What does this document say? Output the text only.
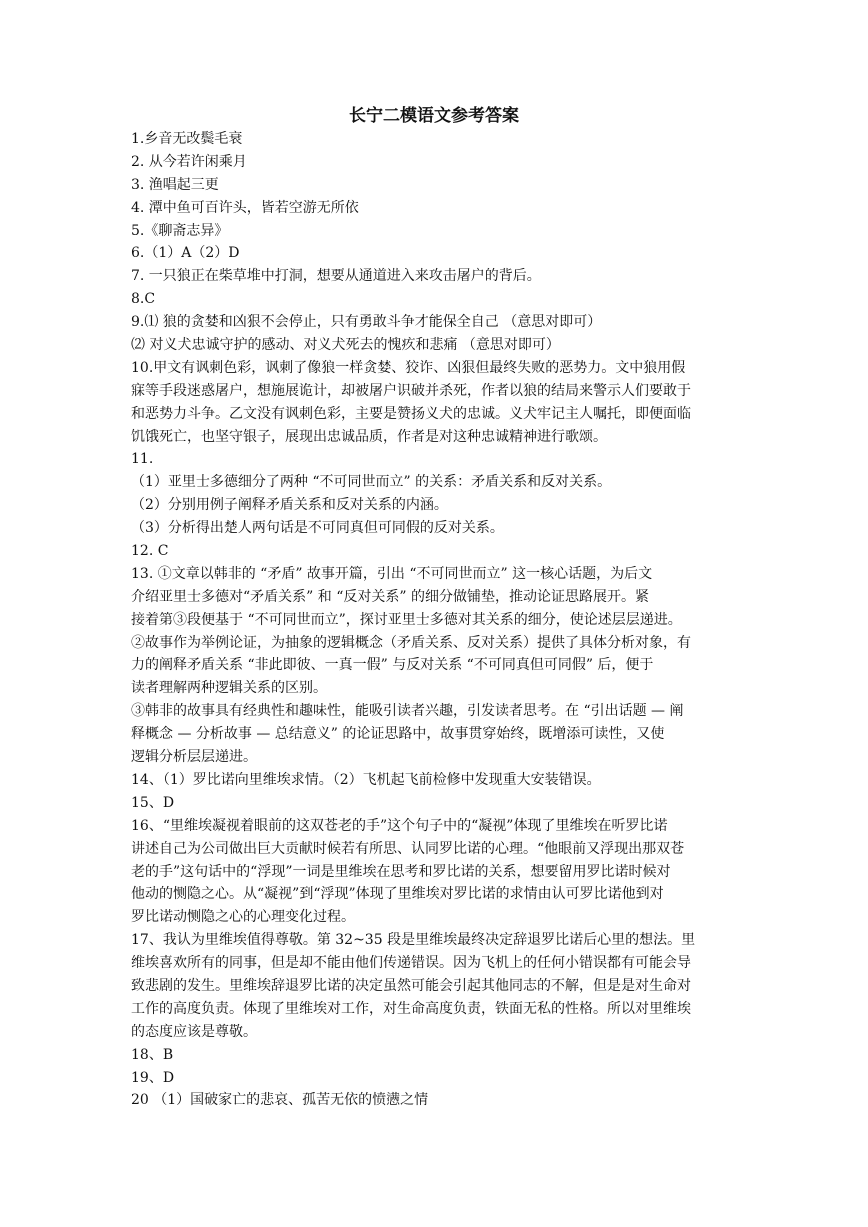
长宁二模语文参考答案
1.乡音无改鬓毛衰
2. 从今若许闲乘月
3. 渔唱起三更
4. 潭中鱼可百许头，皆若空游无所依
5.《聊斋志异》
6.（1）A（2）D
7. 一只狼正在柴草堆中打洞，想要从通道进入来攻击屠户的背后。
8.C
9.⑴ 狼的贪婪和凶狠不会停止，只有勇敢斗争才能保全自己 （意思对即可）
⑵ 对义犬忠诚守护的感动、对义犬死去的愧疚和悲痛 （意思对即可）
10.甲文有讽刺色彩，讽刺了像狼一样贪婪、狡诈、凶狠但最终失败的恶势力。文中狼用假
寐等手段迷惑屠户，想施展诡计，却被屠户识破并杀死，作者以狼的结局来警示人们要敢于
和恶势力斗争。乙文没有讽刺色彩，主要是赞扬义犬的忠诚。义犬牢记主人嘱托，即便面临
饥饿死亡，也坚守银子，展现出忠诚品质，作者是对这种忠诚精神进行歌颂。
11.
（1）亚里士多德细分了两种 “不可同世而立” 的关系：矛盾关系和反对关系。
（2）分别用例子阐释矛盾关系和反对关系的内涵。
（3）分析得出楚人两句话是不可同真但可同假的反对关系。
12. C
13. ①文章以韩非的 “矛盾” 故事开篇，引出 “不可同世而立” 这一核心话题，为后文
介绍亚里士多德对“矛盾关系” 和 “反对关系” 的细分做铺垫，推动论证思路展开。紧
接着第③段便基于 “不可同世而立”，探讨亚里士多德对其关系的细分，使论述层层递进。
②故事作为举例论证，为抽象的逻辑概念（矛盾关系、反对关系）提供了具体分析对象，有
力的阐释矛盾关系 “非此即彼、一真一假” 与反对关系 “不可同真但可同假” 后，便于
读者理解两种逻辑关系的区别。
③韩非的故事具有经典性和趣味性，能吸引读者兴趣，引发读者思考。在 “引出话题 — 阐
释概念 — 分析故事 — 总结意义” 的论证思路中，故事贯穿始终，既增添可读性，又使
逻辑分析层层递进。
14、（1）罗比诺向里维埃求情。（2）飞机起飞前检修中发现重大安装错误。
15、D
16、“里维埃凝视着眼前的这双苍老的手”这个句子中的“凝视”体现了里维埃在听罗比诺
讲述自己为公司做出巨大贡献时候若有所思、认同罗比诺的心理。“他眼前又浮现出那双苍
老的手”这句话中的“浮现”一词是里维埃在思考和罗比诺的关系，想要留用罗比诺时候对
他动的恻隐之心。从“凝视”到“浮现”体现了里维埃对罗比诺的求情由认可罗比诺他到对
罗比诺动恻隐之心的心理变化过程。
17、我认为里维埃值得尊敬。第 32~35 段是里维埃最终决定辞退罗比诺后心里的想法。里
维埃喜欢所有的同事，但是却不能由他们传递错误。因为飞机上的任何小错误都有可能会导
致悲剧的发生。里维埃辞退罗比诺的决定虽然可能会引起其他同志的不解，但是是对生命对
工作的高度负责。体现了里维埃对工作，对生命高度负责，铁面无私的性格。所以对里维埃
的态度应该是尊敬。
18、B
19、D
20 （1）国破家亡的悲哀、孤苦无依的愤懑之情
